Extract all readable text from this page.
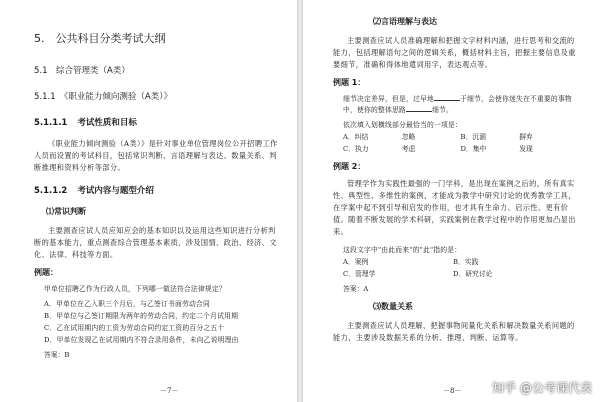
5.　公共科目分类考试大纲
5.1　综合管理类（A类）
5.1.1　《职业能力倾向测验（A类）》
5.1.1.1 考试性质和目标

《职业能力倾向测验（A类）》是针对事业单位管理岗位公开招聘工作人员而设置的考试科目，包括常识判断、言语理解与表达、数量关系、判断推理和资料分析等部分。

5.1.1.2 考试内容与题型介绍
⑴常识判断

主要测查应试人员应知应会的基本知识以及运用这些知识进行分析判断的基本能力，重点测查综合管理基本素质，涉及国情、政治、经济、文化、法律、科技等方面。

例题：

甲单位招聘乙作为行政人员，下列哪一做法符合法律规定？

A．甲单位在乙入职三个月后，与乙签订书面劳动合同
B．甲单位与乙签订期限为两年的劳动合同，约定二个月试用期
C．乙在试用期内的工资为劳动合同约定工资的百分之五十
D．甲单位发现乙在试用期内不符合录用条件，未向乙说明理由
答案：B
－7－
⑵言语理解与表达

主要测查应试人员准确理解和把握文字材料内涵，进行思考和交流的能力，包括理解语句之间的逻辑关系，概括材料主旨，把握主要信息及重要细节，准确和得体地遣词用字，表达观点等。

例题 1：

细节决定差异，但是，过早地	于细节，会使你迷失在不重要的事物中，使你的整体思路	细节。

依次填入划横线部分最恰当的一项是：
A．纠结	忽略	B．沉湎	摒弃
C．执力	考虑	D．集中	发现
例题 2：

管理学作为实践性最强的一门学科，是出现在案例之后的，所有真实性、典型性、多维性的案例，才能成为教学中研究讨论的优秀教学工具，在学案中起不到引导和启发的作用，也才具有生命力、启示性、更有价值。随着不断发展的学术科研，实践案例在教学过程中的作用更加凸显出来。

这段文字中"由此而来"的"此"指的是：
A．案例	B．实践
C．管理学	D．研究讨论
答案：A
⑶数量关系

主要测查应试人员理解、把握事物间量化关系和解决数量关系问题的能力，主要涉及数据关系的分析、推理、判断、运算等。

－8－	知乎 @公考课代表
